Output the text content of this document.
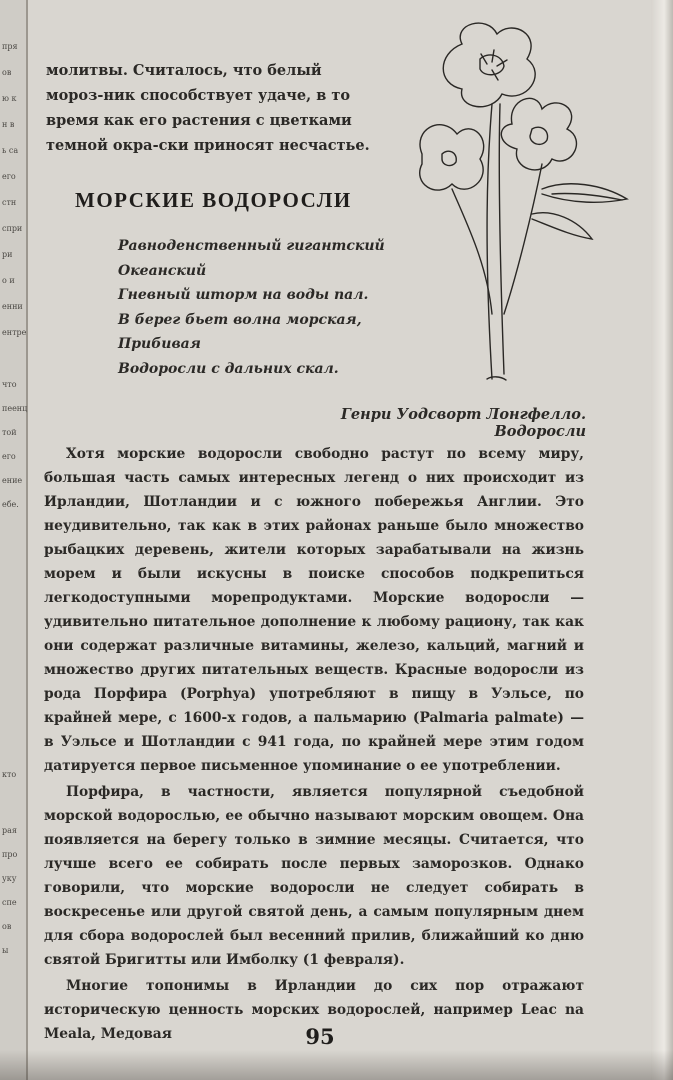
пря
ов
ю к
н в
ь са
его
стн
спри
ри
о и
енни
ентре
что
пеенц
той
его
ение
ебе.
кто
рая
про
уку
спе
ов
ы
молитвы. Считалось, что белый мороз-ник способствует удаче, в то время как его растения с цветками темной окра-ски приносят несчастье.
МОРСКИЕ ВОДОРОСЛИ
Равноденственный гигантский
Океанский
Гневный шторм на воды пал.
В берег бьет волна морская,
Прибивая
Водоросли с дальних скал.
Генри Уодсворт Лонгфелло. Водоросли

Хотя морские водоросли свободно растут по всему миру, большая часть самых интересных легенд о них происходит из Ирландии, Шотландии и с южного побережья Англии. Это неудивительно, так как в этих районах раньше было множество рыбацких деревень, жители которых зарабатывали на жизнь морем и были искусны в поиске способов подкрепиться легкодоступными морепродуктами. Морские водоросли — удивительно питательное дополнение к любому рациону, так как они содержат различные витамины, железо, кальций, магний и множество других питательных веществ. Красные водоросли из рода Порфира (Porphya) употребляют в пищу в Уэльсе, по крайней мере, с 1600-х годов, а пальмарию (Palmaria palmate) — в Уэльсе и Шотландии с 941 года, по крайней мере этим годом датируется первое письменное упоминание о ее употреблении.

Порфира, в частности, является популярной съедобной морской водорослью, ее обычно называют морским овощем. Она появляется на берегу только в зимние месяцы. Считается, что лучше всего ее собирать после первых заморозков. Однако говорили, что морские водоросли не следует собирать в воскресенье или другой святой день, а самым популярным днем для сбора водорослей был весенний прилив, ближайший ко дню святой Бригитты или Имболку (1 февраля).

Многие топонимы в Ирландии до сих пор отражают историческую ценность морских водорослей, например Leac na Meala, Медовая	95
